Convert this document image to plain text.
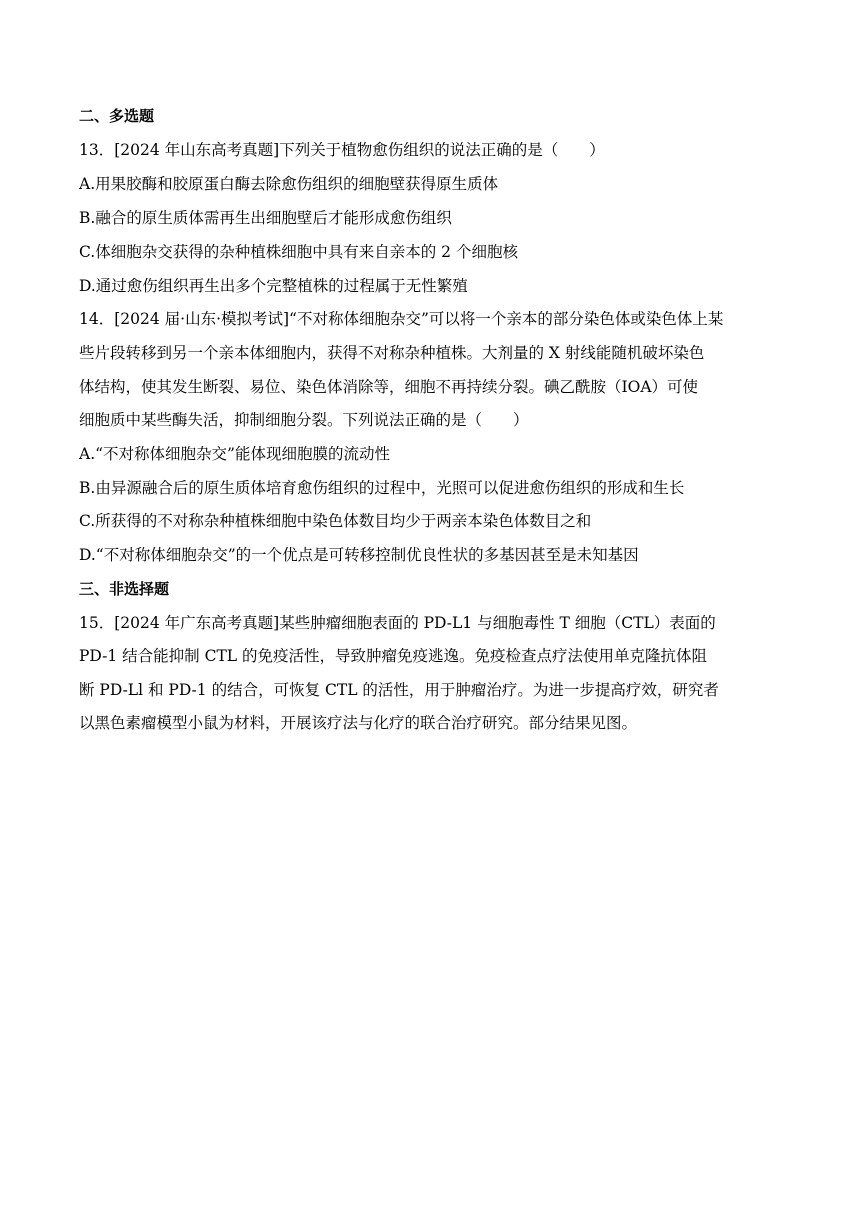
二、多选题
13．[2024 年山东高考真题]下列关于植物愈伤组织的说法正确的是（　　）
A.用果胶酶和胶原蛋白酶去除愈伤组织的细胞壁获得原生质体
B.融合的原生质体需再生出细胞壁后才能形成愈伤组织
C.体细胞杂交获得的杂种植株细胞中具有来自亲本的 2 个细胞核
D.通过愈伤组织再生出多个完整植株的过程属于无性繁殖
14．[2024 届·山东·模拟考试]“不对称体细胞杂交”可以将一个亲本的部分染色体或染色体上某
些片段转移到另一个亲本体细胞内，获得不对称杂种植株。大剂量的 X 射线能随机破坏染色
体结构，使其发生断裂、易位、染色体消除等，细胞不再持续分裂。碘乙酰胺（IOA）可使
细胞质中某些酶失活，抑制细胞分裂。下列说法正确的是（　　）
A.“不对称体细胞杂交”能体现细胞膜的流动性
B.由异源融合后的原生质体培育愈伤组织的过程中，光照可以促进愈伤组织的形成和生长
C.所获得的不对称杂种植株细胞中染色体数目均少于两亲本染色体数目之和
D.“不对称体细胞杂交”的一个优点是可转移控制优良性状的多基因甚至是未知基因
三、非选择题
15．[2024 年广东高考真题]某些肿瘤细胞表面的 PD-L1 与细胞毒性 T 细胞（CTL）表面的
PD-1 结合能抑制 CTL 的免疫活性，导致肿瘤免疫逃逸。免疫检查点疗法使用单克隆抗体阻
断 PD-Ll 和 PD-1 的结合，可恢复 CTL 的活性，用于肿瘤治疗。为进一步提高疗效，研究者
以黑色素瘤模型小鼠为材料，开展该疗法与化疗的联合治疗研究。部分结果见图。
